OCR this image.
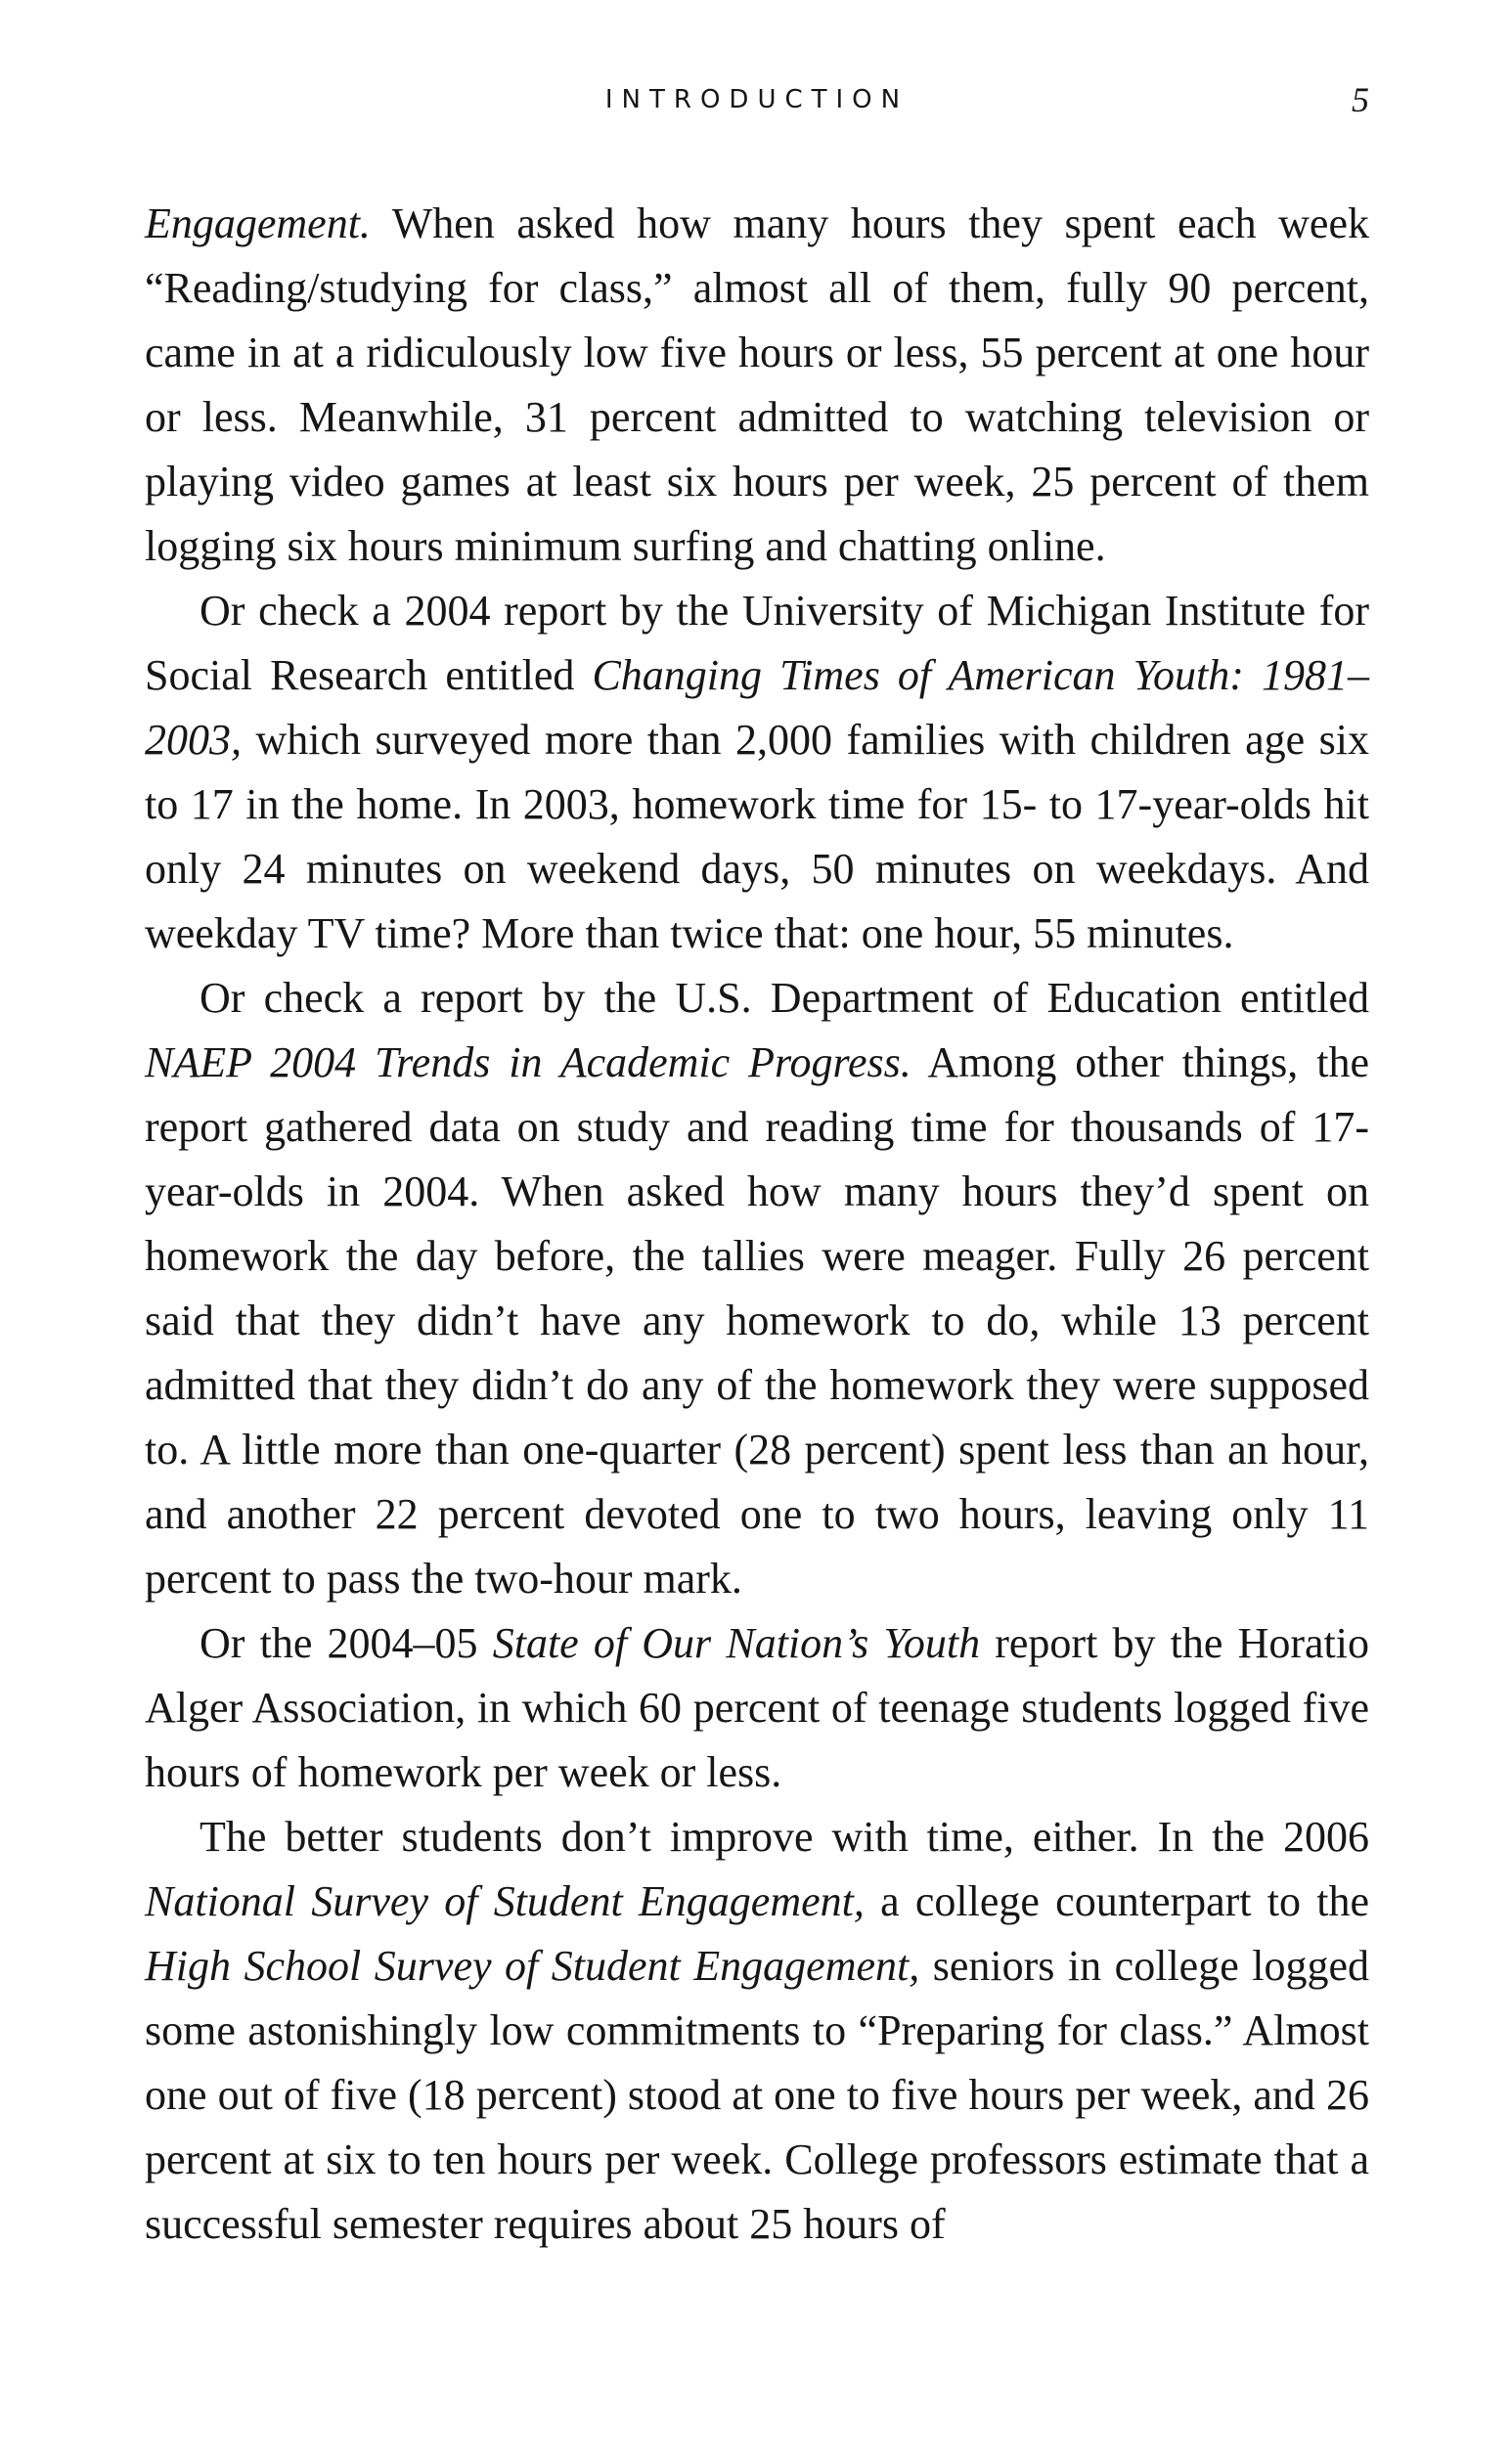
INTRODUCTION	5

Engagement. When asked how many hours they spent each week “Reading/studying for class,” almost all of them, fully 90 percent, came in at a ridiculously low five hours or less, 55 percent at one hour or less. Meanwhile, 31 percent admitted to watching television or playing video games at least six hours per week, 25 percent of them logging six hours minimum surfing and chatting online.

Or check a 2004 report by the University of Michigan Institute for Social Research entitled Changing Times of American Youth: 1981–2003, which surveyed more than 2,000 families with children age six to 17 in the home. In 2003, homework time for 15- to 17-year-olds hit only 24 minutes on weekend days, 50 minutes on weekdays. And weekday TV time? More than twice that: one hour, 55 minutes.

Or check a report by the U.S. Department of Education entitled NAEP 2004 Trends in Academic Progress. Among other things, the report gathered data on study and reading time for thousands of 17-year-olds in 2004. When asked how many hours they’d spent on homework the day before, the tallies were meager. Fully 26 percent said that they didn’t have any homework to do, while 13 percent admitted that they didn’t do any of the homework they were supposed to. A little more than one-quarter (28 percent) spent less than an hour, and another 22 percent devoted one to two hours, leaving only 11 percent to pass the two-hour mark.

Or the 2004–05 State of Our Nation’s Youth report by the Horatio Alger Association, in which 60 percent of teenage students logged five hours of homework per week or less.

The better students don’t improve with time, either. In the 2006 National Survey of Student Engagement, a college counterpart to the High School Survey of Student Engagement, seniors in college logged some astonishingly low commitments to “Preparing for class.” Almost one out of five (18 percent) stood at one to five hours per week, and 26 percent at six to ten hours per week. College professors estimate that a successful semester requires about 25 hours of
